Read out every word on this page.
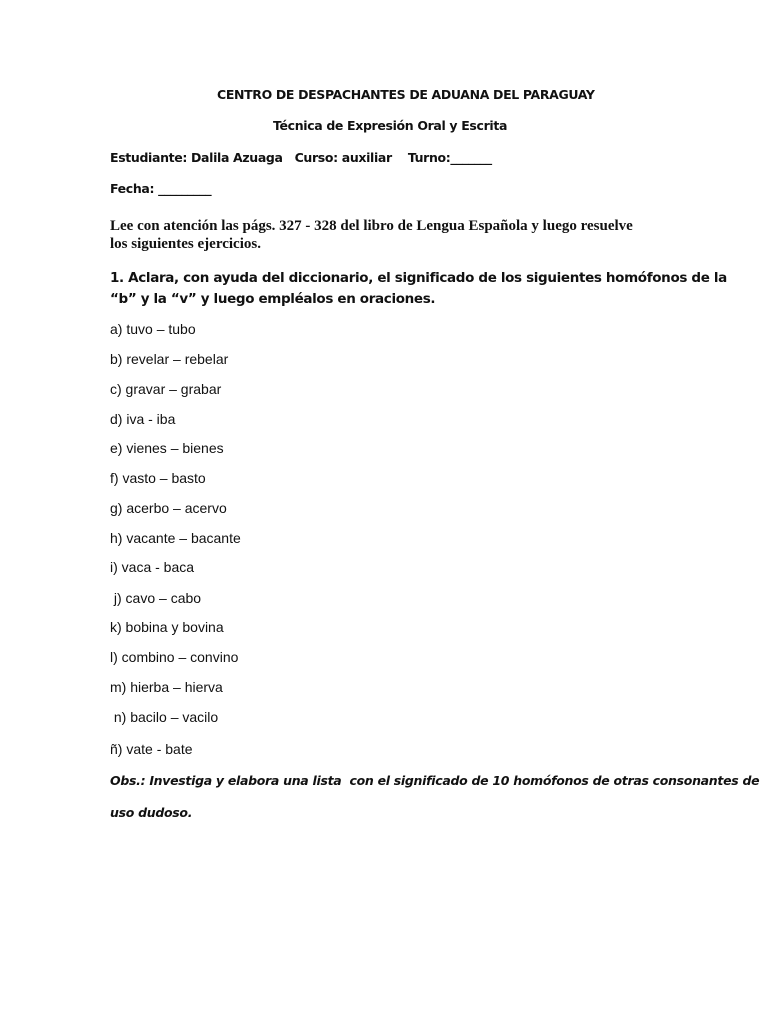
CENTRO DE DESPACHANTES DE ADUANA DEL PARAGUAY
Técnica de Expresión Oral y Escrita
Estudiante: Dalila Azuaga   Curso: auxiliar    Turno:_______
Fecha: _________
Lee con atención las págs. 327 - 328 del libro de Lengua Española y luego resuelve
los siguientes ejercicios.
1. Aclara, con ayuda del diccionario, el significado de los siguientes homófonos de la
“b” y la “v” y luego empléalos en oraciones.
a) tuvo – tubo
b) revelar – rebelar
c) gravar – grabar
d) iva - iba
e) vienes – bienes
f) vasto – basto
g) acerbo – acervo
h) vacante – bacante
i) vaca - baca
j) cavo – cabo
k) bobina y bovina
l) combino – convino
m) hierba – hierva
n) bacilo – vacilo
ñ) vate - bate
Obs.: Investiga y elabora una lista  con el significado de 10 homófonos de otras consonantes de
uso dudoso.
